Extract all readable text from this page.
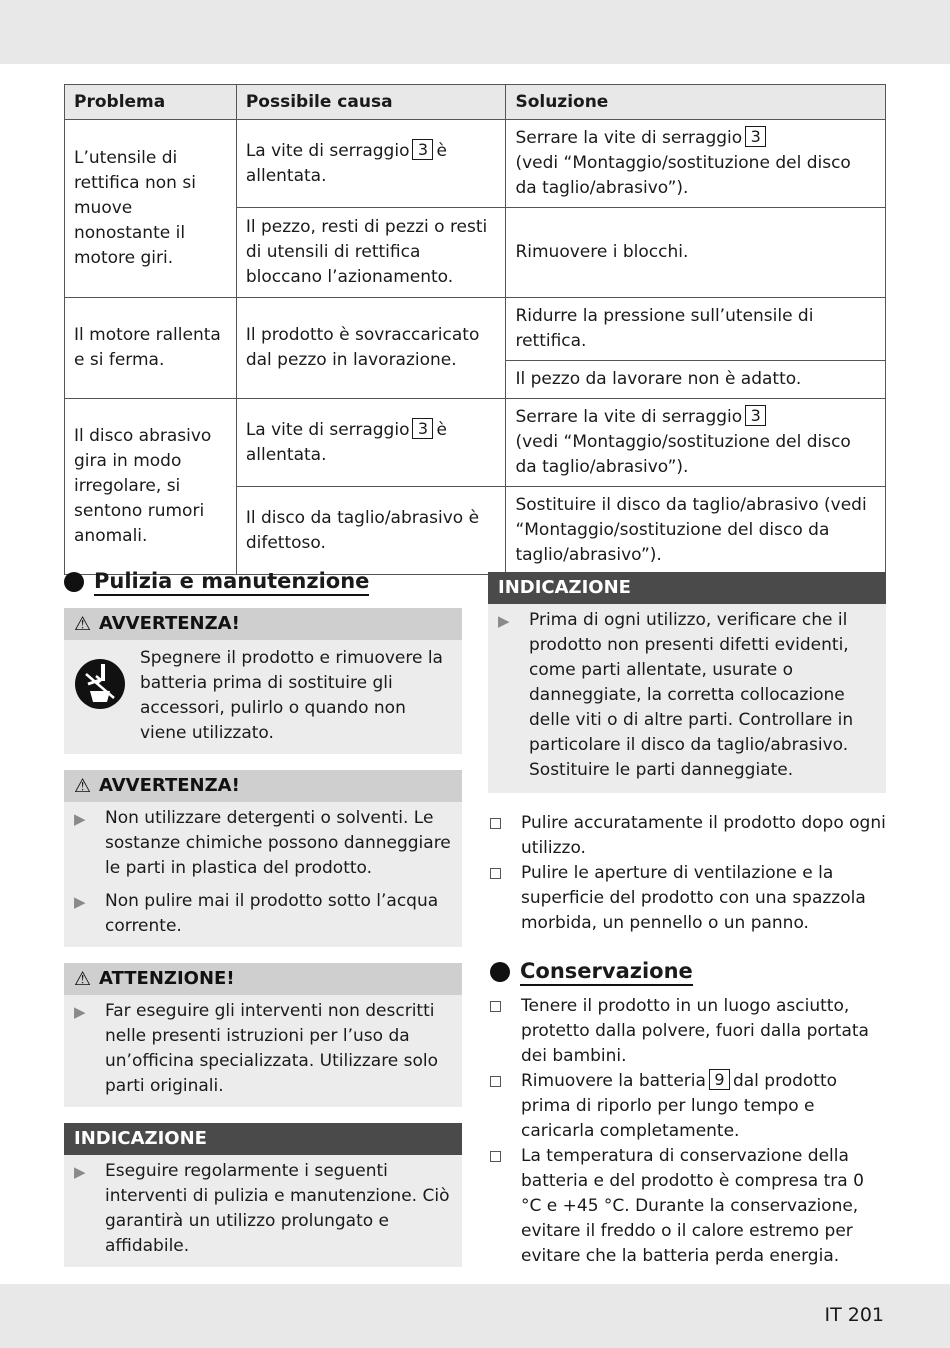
Problema	Possibile causa	Soluzione
L’utensile di rettifica non si muove nonostante il motore giri.	La vite di serraggio 3 è allentata.	Serrare la vite di serraggio 3
(vedi “Montaggio/sostituzione del disco da taglio/abrasivo”).
	Il pezzo, resti di pezzi o resti di utensili di rettifica bloccano l’azionamento.	Rimuovere i blocchi.
Il motore rallenta e si ferma.	Il prodotto è sovraccaricato dal pezzo in lavorazione.	Ridurre la pressione sull’utensile di rettifica.
		Il pezzo da lavorare non è adatto.
Il disco abrasivo gira in modo irregolare, si sentono rumori anomali.	La vite di serraggio 3 è allentata.	Serrare la vite di serraggio 3
(vedi “Montaggio/sostituzione del disco da taglio/abrasivo”).
	Il disco da taglio/abrasivo è difettoso.	Sostituire il disco da taglio/abrasivo (vedi “Montaggio/sostituzione del disco da taglio/abrasivo”).
Pulizia e manutenzione
⚠ AVVERTENZA!
Spegnere il prodotto e rimuovere la batteria prima di sostituire gli accessori, pulirlo o quando non viene utilizzato.
⚠ AVVERTENZA!
▶	Non utilizzare detergenti o solventi. Le sostanze chimiche possono danneggiare le parti in plastica del prodotto.
▶	Non pulire mai il prodotto sotto l’acqua corrente.
⚠ ATTENZIONE!
▶	Far eseguire gli interventi non descritti nelle presenti istruzioni per l’uso da un’officina specializzata. Utilizzare solo parti originali.
INDICAZIONE
▶	Eseguire regolarmente i seguenti interventi di pulizia e manutenzione. Ciò garantirà un utilizzo prolungato e affidabile.
INDICAZIONE
▶	Prima di ogni utilizzo, verificare che il prodotto non presenti difetti evidenti, come parti allentate, usurate o danneggiate, la corretta collocazione delle viti o di altre parti. Controllare in particolare il disco da taglio/abrasivo. Sostituire le parti danneggiate.
Pulire accuratamente il prodotto dopo ogni utilizzo.
Pulire le aperture di ventilazione e la superficie del prodotto con una spazzola morbida, un pennello o un panno.
Conservazione
Tenere il prodotto in un luogo asciutto, protetto dalla polvere, fuori dalla portata dei bambini.
Rimuovere la batteria 9 dal prodotto prima di riporlo per lungo tempo e caricarla completamente.
La temperatura di conservazione della batteria e del prodotto è compresa tra 0 °C e +45 °C. Durante la conservazione, evitare il freddo o il calore estremo per evitare che la batteria perda energia.
IT 201
